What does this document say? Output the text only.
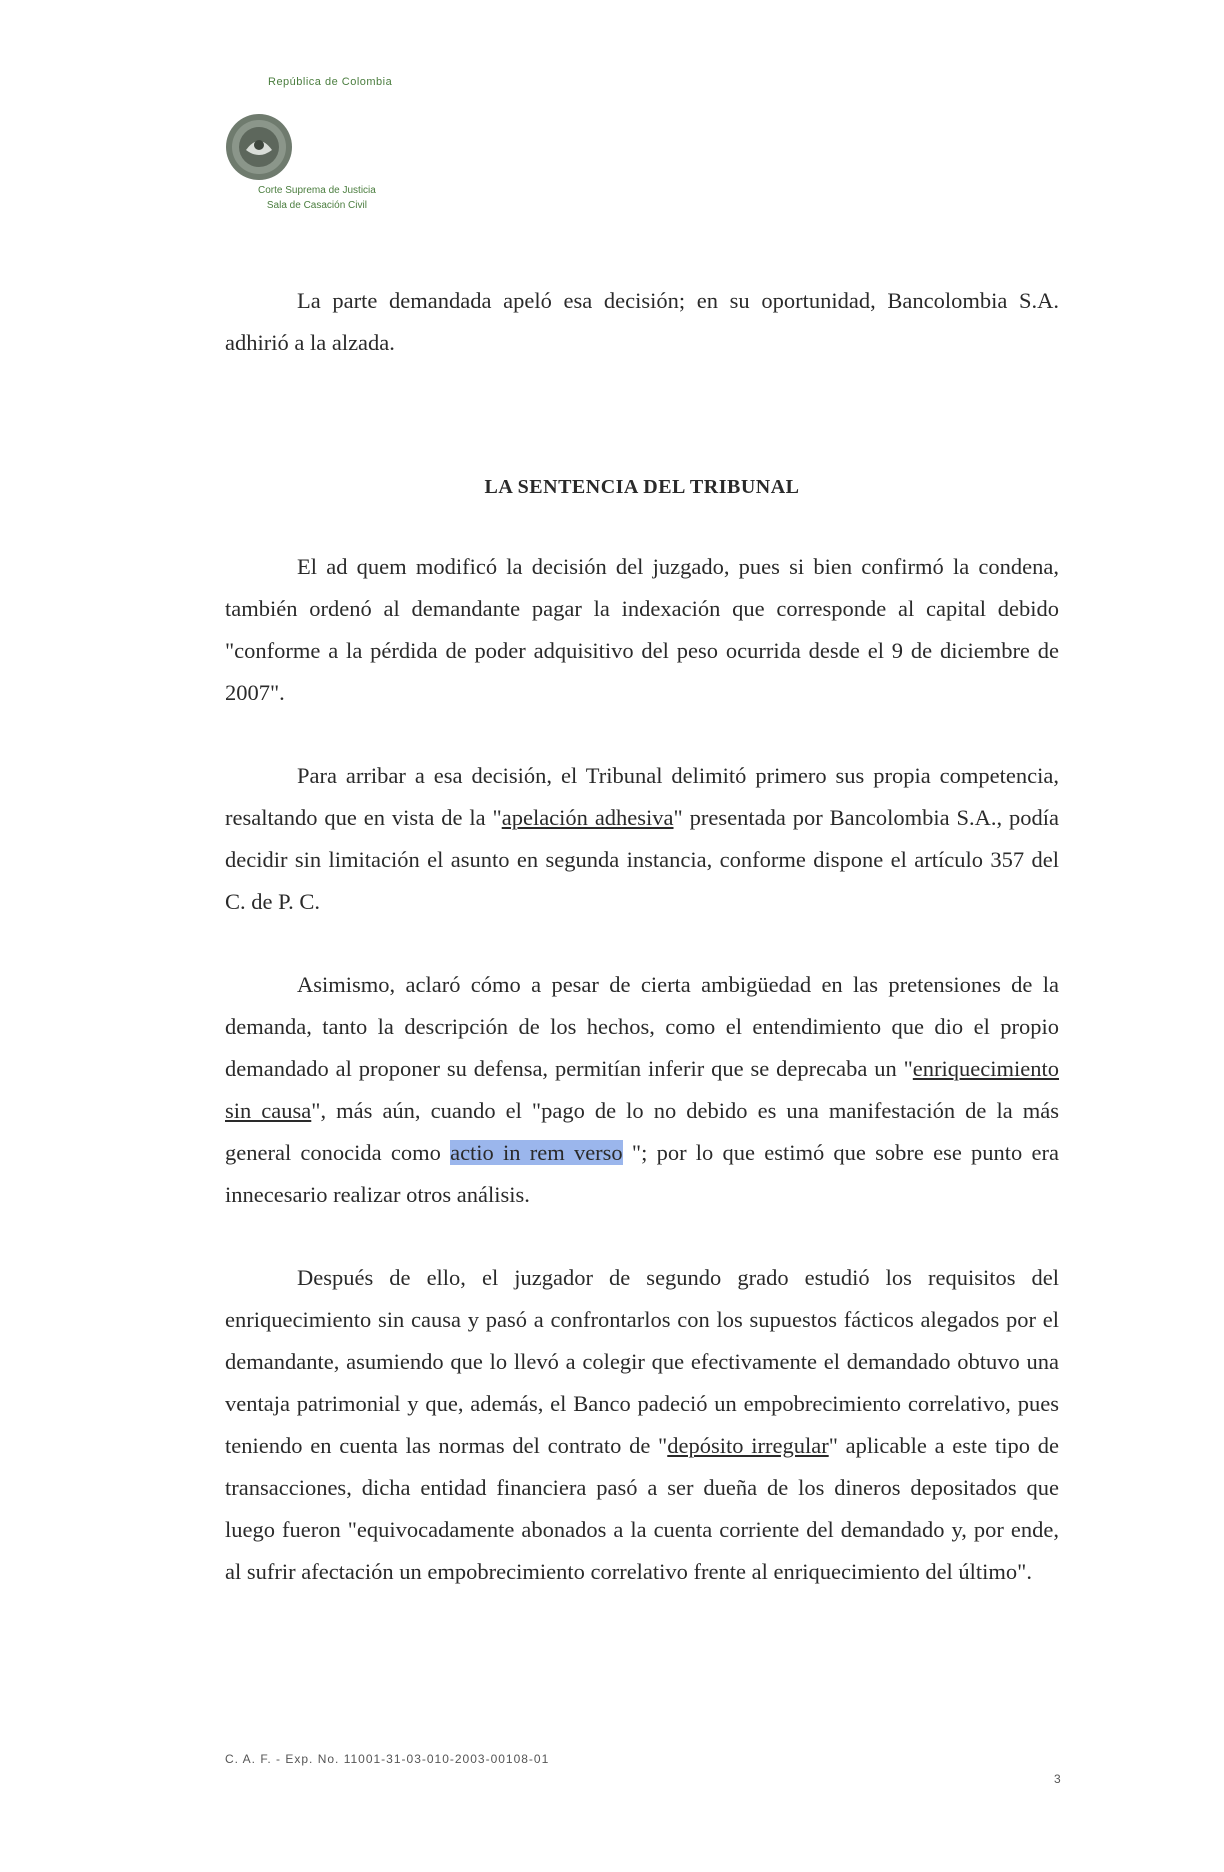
República de Colombia
Corte Suprema de Justicia
Sala de Casación Civil

La parte demandada apeló esa decisión; en su oportunidad, Bancolombia S.A. adhirió a la alzada.

LA SENTENCIA DEL TRIBUNAL

El ad quem modificó la decisión del juzgado, pues si bien confirmó la condena, también ordenó al demandante pagar la indexación que corresponde al capital debido "conforme a la pérdida de poder adquisitivo del peso ocurrida desde el 9 de diciembre de 2007".

Para arribar a esa decisión, el Tribunal delimitó primero sus propia competencia, resaltando que en vista de la "apelación adhesiva" presentada por Bancolombia S.A., podía decidir sin limitación el asunto en segunda instancia, conforme dispone el artículo 357 del C. de P. C.

Asimismo, aclaró cómo a pesar de cierta ambigüedad en las pretensiones de la demanda, tanto la descripción de los hechos, como el entendimiento que dio el propio demandado al proponer su defensa, permitían inferir que se deprecaba un "enriquecimiento sin causa", más aún, cuando el "pago de lo no debido es una manifestación de la más general conocida como actio in rem verso "; por lo que estimó que sobre ese punto era innecesario realizar otros análisis.

Después de ello, el juzgador de segundo grado estudió los requisitos del enriquecimiento sin causa y pasó a confrontarlos con los supuestos fácticos alegados por el demandante, asumiendo que lo llevó a colegir que efectivamente el demandado obtuvo una ventaja patrimonial y que, además, el Banco padeció un empobrecimiento correlativo, pues teniendo en cuenta las normas del contrato de "depósito irregular" aplicable a este tipo de transacciones, dicha entidad financiera pasó a ser dueña de los dineros depositados que luego fueron "equivocadamente abonados a la cuenta corriente del demandado y, por ende, al sufrir afectación un empobrecimiento correlativo frente al enriquecimiento del último".

C. A. F. - Exp. No. 11001-31-03-010-2003-00108-01
3
